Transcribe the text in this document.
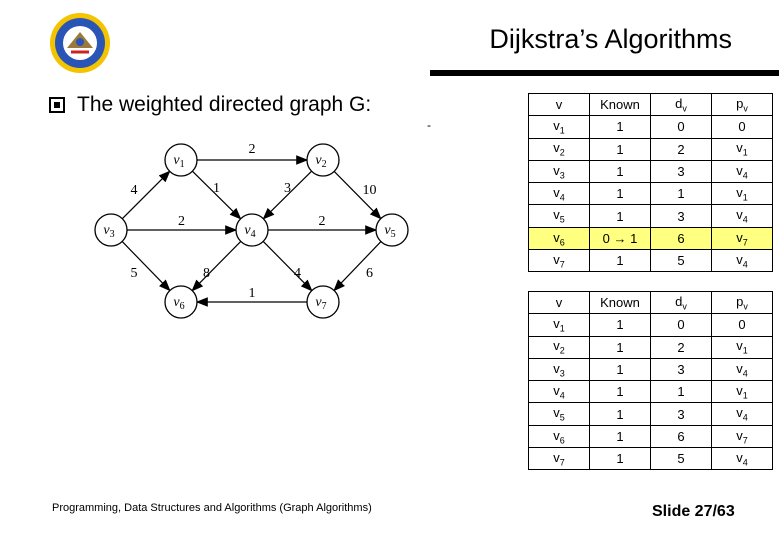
Dijkstra’s Algorithms
The weighted directed graph G:
-
2
1
4	3	10
2	2
5	8	4	6
1
$v_1$	$v_2$
$v_3$	$v_4$	$v_5$
$v_6$	$v_7$
v	Known	$d_v$	$p_v$
$v_1$	1	0	0
$v_2$	1	2	$v_1$
$v_3$	1	3	$v_4$
$v_4$	1	1	$v_1$
$v_5$	1	3	$v_4$
$v_6$	0 → 1	6	$v_7$
$v_7$	1	5	$v_4$
v	Known	$d_v$	$p_v$
$v_1$	1	0	0
$v_2$	1	2	$v_1$
$v_3$	1	3	$v_4$
$v_4$	1	1	$v_1$
$v_5$	1	3	$v_4$
$v_6$	1	6	$v_7$
$v_7$	1	5	$v_4$
Programming, Data Structures and Algorithms (Graph Algorithms)	Slide 27/63
